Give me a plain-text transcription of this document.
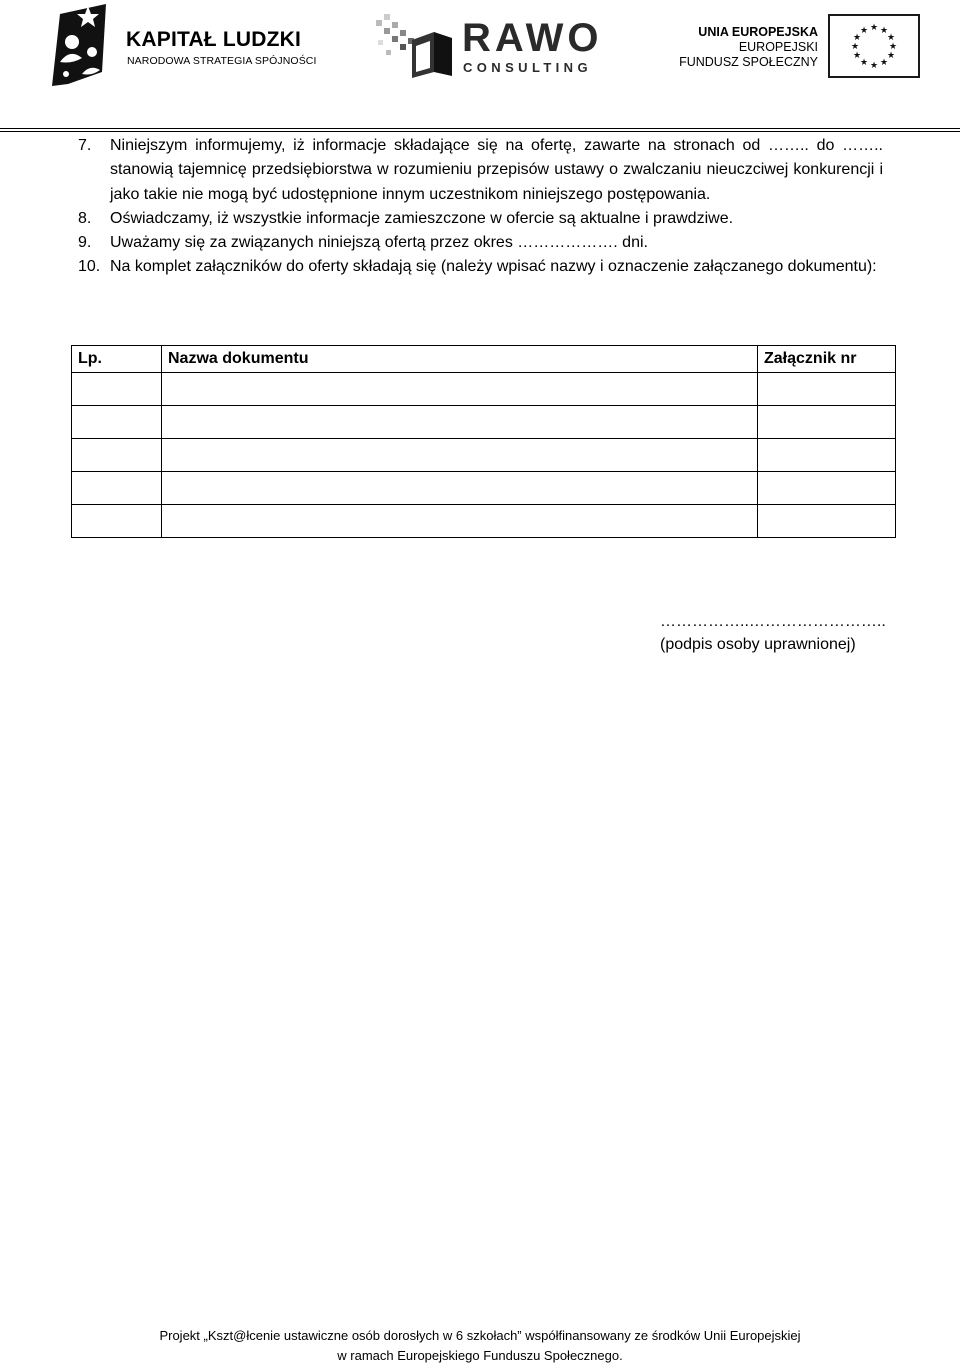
KAPITAŁ LUDZKI
NARODOWA STRATEGIA SPÓJNOŚCI
RAWO
CONSULTING
UNIA EUROPEJSKA
EUROPEJSKI
FUNDUSZ SPOŁECZNY
★ ★
★
★
★
★
★
★
★
★
★
★
7. Niniejszym informujemy, iż informacje składające się na ofertę, zawarte na stronach od …….. do …….. stanowią tajemnicę przedsiębiorstwa w rozumieniu przepisów ustawy o zwalczaniu nieuczciwej konkurencji i jako takie nie mogą być udostępnione innym uczestnikom niniejszego postępowania.
8. Oświadczamy, iż wszystkie informacje zamieszczone w ofercie są aktualne i prawdziwe.
9. Uważamy się za związanych niniejszą ofertą przez okres ………………. dni.
10. Na komplet załączników do oferty składają się (należy wpisać nazwy i oznaczenie załączanego dokumentu):
Lp.	Nazwa dokumentu	Załącznik nr

……………..……………………..
(podpis osoby uprawnionej)
Projekt „Kszt@łcenie ustawiczne osób dorosłych w 6 szkołach” współfinansowany ze środków Unii Europejskiej
w ramach Europejskiego Funduszu Społecznego.
